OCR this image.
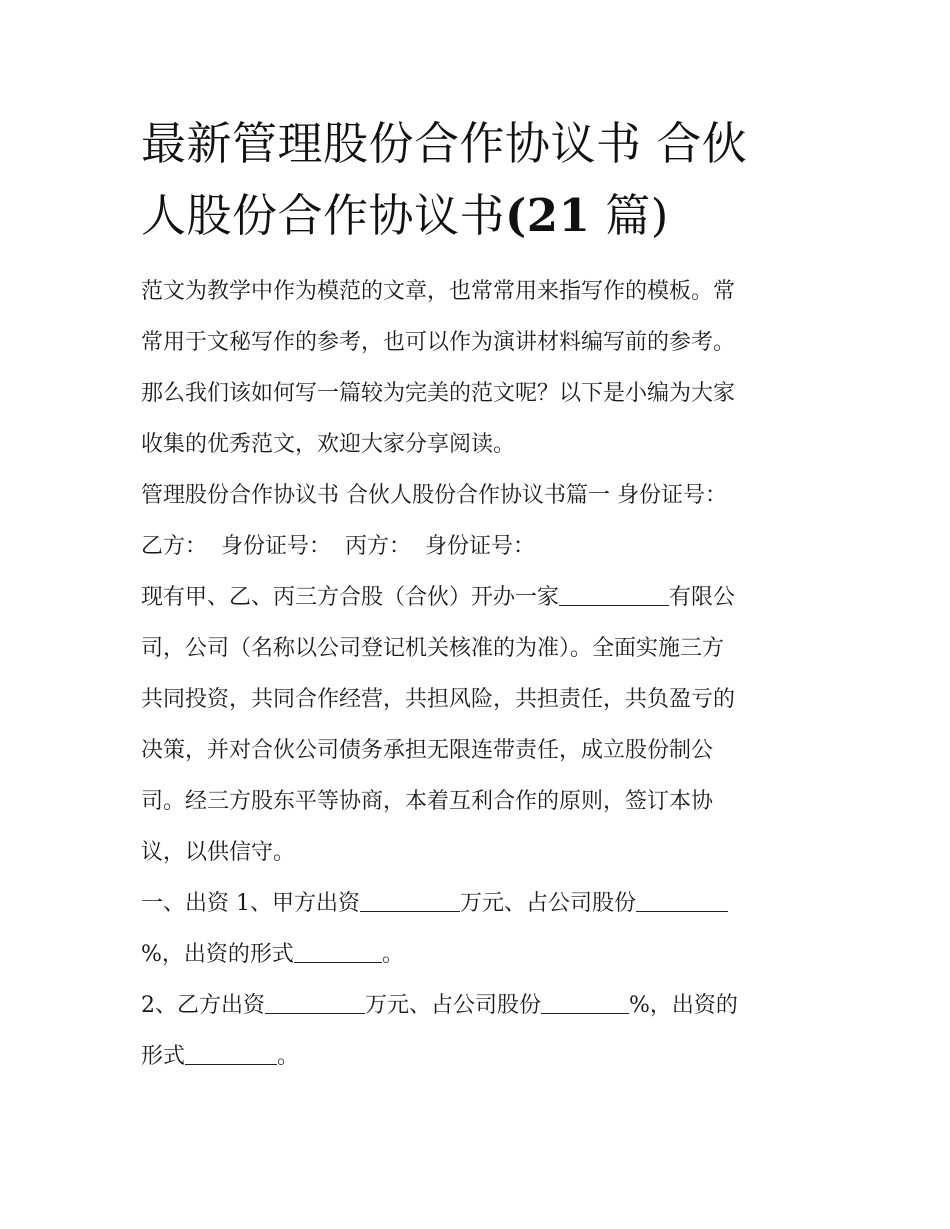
最新管理股份合作协议书 合伙
人股份合作协议书(21 篇)

范文为教学中作为模范的文章，也常常用来指写作的模板。常
常用于文秘写作的参考，也可以作为演讲材料编写前的参考。
那么我们该如何写一篇较为完美的范文呢？以下是小编为大家
收集的优秀范文，欢迎大家分享阅读。

管理股份合作协议书 合伙人股份合作协议书篇一 身份证号：

乙方：  身份证号：  丙方：  身份证号：

现有甲、乙、丙三方合股（合伙）开办一家	有限公
司，公司（名称以公司登记机关核准的为准）。全面实施三方
共同投资，共同合作经营，共担风险，共担责任，共负盈亏的
决策，并对合伙公司债务承担无限连带责任，成立股份制公
司。经三方股东平等协商，本着互利合作的原则，签订本协
议，以供信守。

一、出资 1、甲方出资	万元、占公司股份
%，出资的形式	。

2、乙方出资	万元、占公司股份	%，出资的
形式	。
